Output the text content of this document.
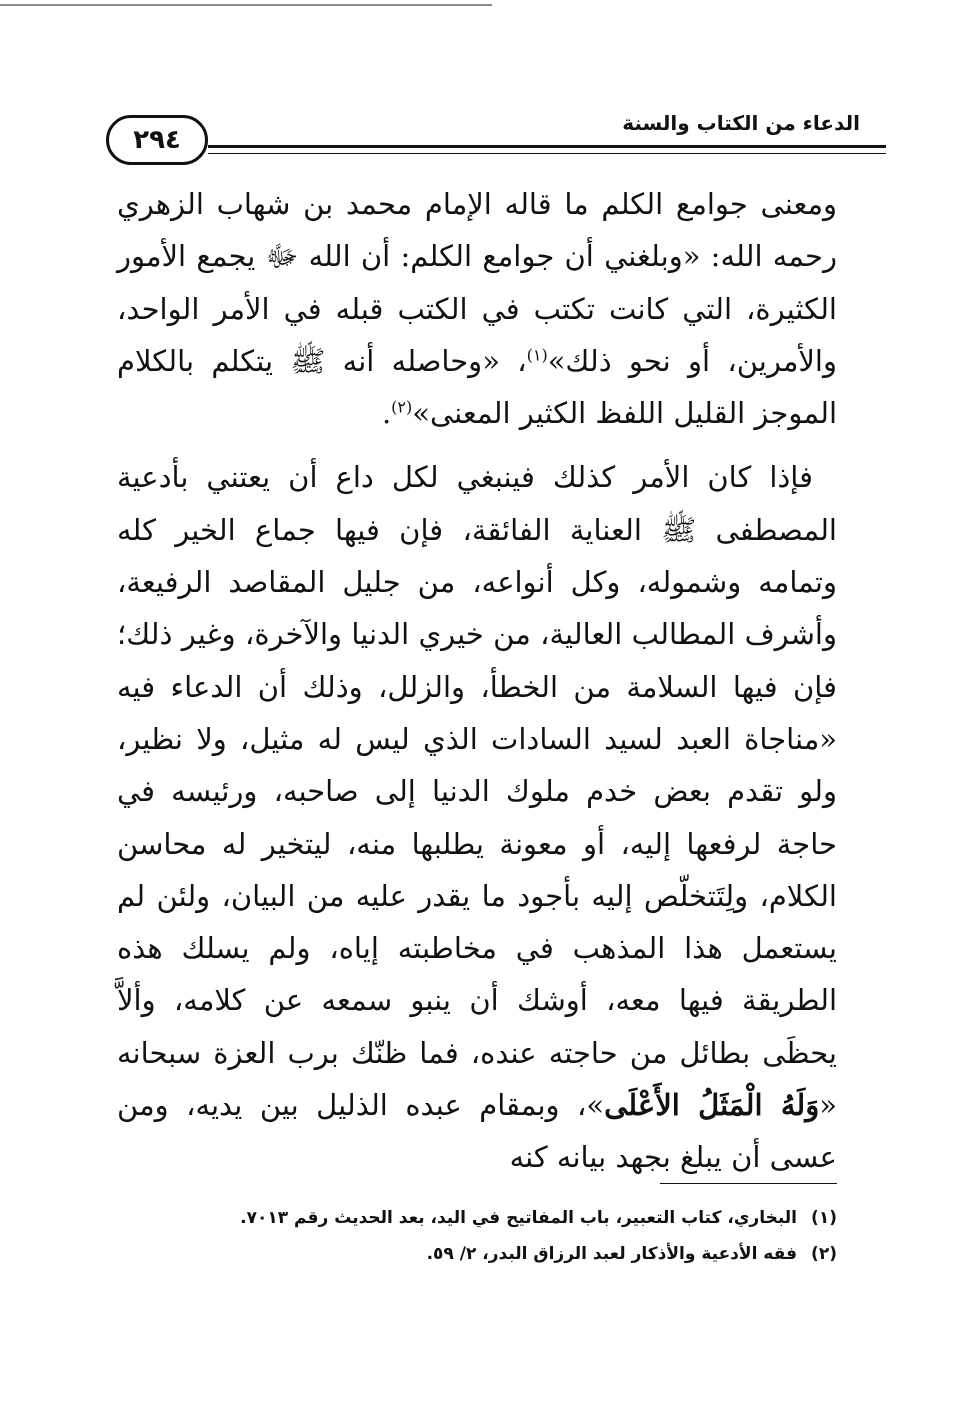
الدعاء من الكتاب والسنة
٢٩٤

ومعنى جوامع الكلم ما قاله الإمام محمد بن شهاب الزهري رحمه الله: «وبلغني أن جوامع الكلم: أن الله ﷻ يجمع الأمور الكثيرة، التي كانت تكتب في الكتب قبله في الأمر الواحد، والأمرين، أو نحو ذلك»$^{(١)}$، «وحاصله أنه ﷺ يتكلم بالكلام الموجز القليل اللفظ الكثير المعنى»$^{(٢)}$.

فإذا كان الأمر كذلك فينبغي لكل داع أن يعتني بأدعية المصطفى ﷺ العناية الفائقة، فإن فيها جماع الخير كله وتمامه وشموله، وكل أنواعه، من جليل المقاصد الرفيعة، وأشرف المطالب العالية، من خيري الدنيا والآخرة، وغير ذلك؛ فإن فيها السلامة من الخطأ، والزلل، وذلك أن الدعاء فيه «مناجاة العبد لسيد السادات الذي ليس له مثيل، ولا نظير، ولو تقدم بعض خدم ملوك الدنيا إلى صاحبه، ورئيسه في حاجة لرفعها إليه، أو معونة يطلبها منه، ليتخير له محاسن الكلام، ولِتَتخلّص إليه بأجود ما يقدر عليه من البيان، ولئن لم يستعمل هذا المذهب في مخاطبته إياه، ولم يسلك هذه الطريقة فيها معه، أوشك أن ينبو سمعه عن كلامه، وألاَّ يحظَى بطائل من حاجته عنده، فما ظنّك برب العزة سبحانه «وَلَهُ الْمَثَلُ الأَعْلَى»، وبمقام عبده الذليل بين يديه، ومن عسى أن يبلغ بجهد بيانه كنه

(١)البخاري، كتاب التعبير، باب المفاتيح في اليد، بعد الحديث رقم ٧٠١٣.
(٢)فقه الأدعية والأذكار لعبد الرزاق البدر، ٢/ ٥٩.
